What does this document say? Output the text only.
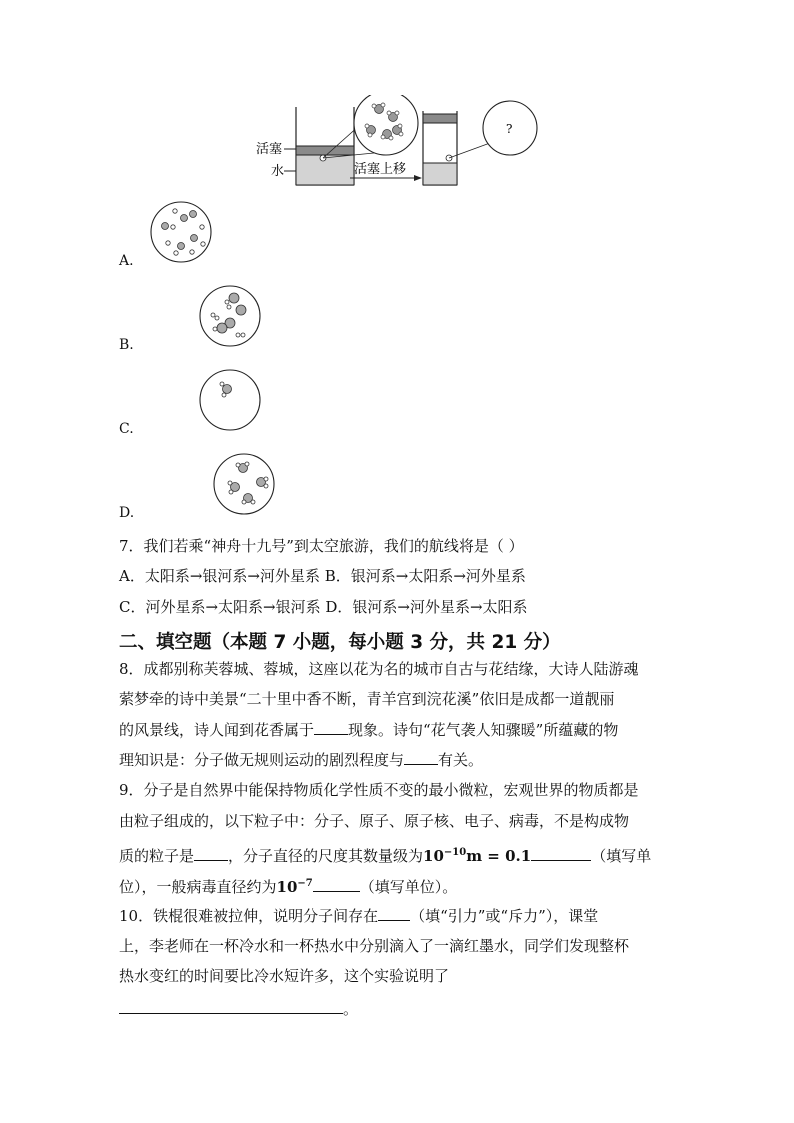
活塞
水	活塞上移
?
A.
B.
C.
D.
7．我们若乘“神舟十九号”到太空旅游，我们的航线将是（ ）
A．太阳系→银河系→河外星系 B．银河系→太阳系→河外星系
C．河外星系→太阳系→银河系 D．银河系→河外星系→太阳系
二、填空题（本题 7 小题，每小题 3 分，共 21 分）
8．成都别称芙蓉城、蓉城，这座以花为名的城市自古与花结缘，大诗人陆游魂
萦梦牵的诗中美景“二十里中香不断，青羊宫到浣花溪”依旧是成都一道靓丽
的风景线，诗人闻到花香属于 现象。诗句“花气袭人知骤暖”所蕴藏的物
理知识是：分子做无规则运动的剧烈程度与 有关。
9．分子是自然界中能保持物质化学性质不变的最小微粒，宏观世界的物质都是
由粒子组成的，以下粒子中：分子、原子、原子核、电子、病毒，不是构成物
质的粒子是 ，分子直径的尺度其数量级为$10^{-10}m = 0.1$	（填写单
位），一般病毒直径约为$10^{-7}$	（填写单位）。
10．铁棍很难被拉伸，说明分子间存在 （填“引力”或“斥力”），课堂
上，李老师在一杯冷水和一杯热水中分别滴入了一滴红墨水，同学们发现整杯
热水变红的时间要比冷水短许多，这个实验说明了
。
